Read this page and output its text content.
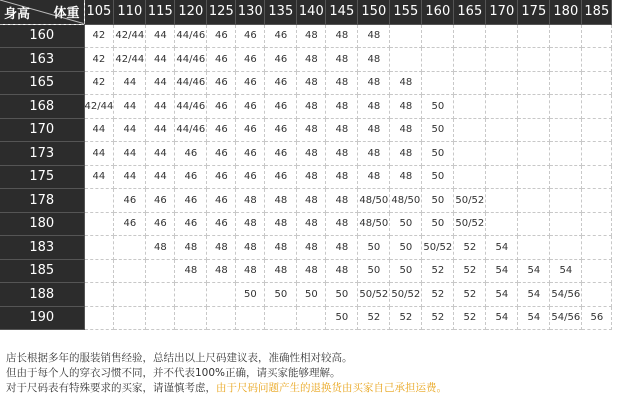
体重
身高	105	110	115	120	125	130	135	140	145	150	155	160	165	170	175	180	185
160	42	42/44	44	44/46	46	46	46	48	48	48							
163	42	42/44	44	44/46	46	46	46	48	48	48							
165	42	44	44	44/46	46	46	46	48	48	48	48						
168	42/44	44	44	44/46	46	46	46	48	48	48	48	50					
170	44	44	44	44/46	46	46	46	48	48	48	48	50					
173	44	44	44	46	46	46	46	48	48	48	48	50					
175	44	44	44	46	46	46	46	48	48	48	48	50					
178		46	46	46	46	48	48	48	48	48/50	48/50	50	50/52				
180		46	46	46	46	48	48	48	48	48/50	50	50	50/52				
183			48	48	48	48	48	48	48	50	50	50/52	52	54			
185				48	48	48	48	48	48	50	50	52	52	54	54	54	
188						50	50	50	50	50/52	50/52	52	52	54	54	54/56	
190									50	52	52	52	52	54	54	54/56	56
店长根据多年的服装销售经验，总结出以上尺码建议表，准确性相对较高。
但由于每个人的穿衣习惯不同，并不代表100%正确，请买家能够理解。
对于尺码表有特殊要求的买家，请谨慎考虑，由于尺码问题产生的退换货由买家自己承担运费。
